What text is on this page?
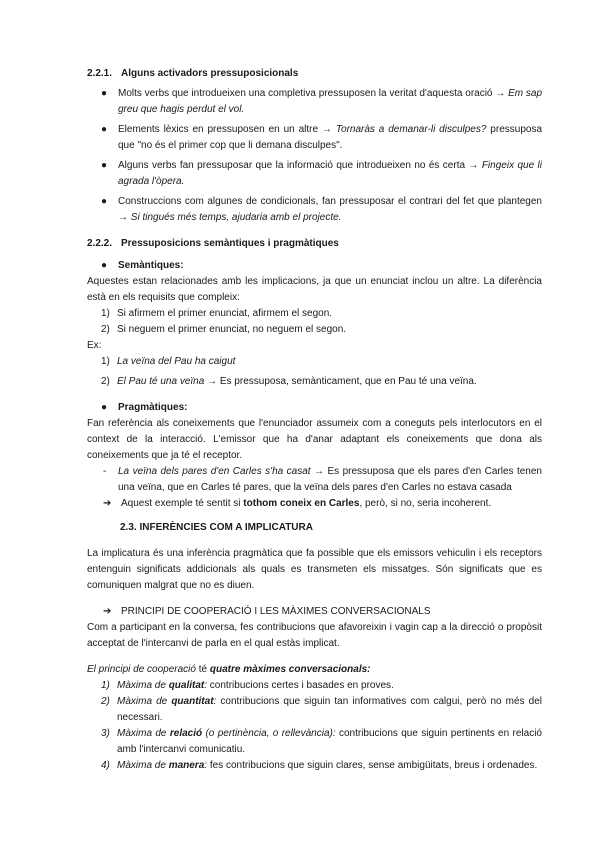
2.2.1. Alguns activadors pressuposicionals
● Molts verbs que introdueixen una completiva pressuposen la veritat d'aquesta oració → Em sap greu que hagis perdut el vol.
● Elements lèxics en pressuposen en un altre → Tornaràs a demanar-li disculpes? pressuposa que "no és el primer cop que li demana disculpes".
● Alguns verbs fan pressuposar que la informació que introdueixen no és certa → Fingeix que li agrada l'òpera.
● Construccions com algunes de condicionals, fan pressuposar el contrari del fet que plantegen → Si tingués més temps, ajudaria amb el projecte.
2.2.2. Pressuposicions semàntiques i pragmàtiques
● Semàntiques:

Aquestes estan relacionades amb les implicacions, ja que un enunciat inclou un altre. La diferència està en els requisits que compleix:

1) Si afirmem el primer enunciat, afirmem el segon.
2) Si neguem el primer enunciat, no neguem el segon.
Ex:
1) La veïna del Pau ha caigut
2) El Pau té una veïna → Es pressuposa, semànticament, que en Pau té una veïna.
● Pragmàtiques:

Fan referència als coneixements que l'enunciador assumeix com a coneguts pels interlocutors en el context de la interacció. L'emissor que ha d'anar adaptant els coneixements que dona als coneixements que ja té el receptor.

- La veïna dels pares d'en Carles s'ha casat → Es pressuposa que els pares d'en Carles tenen una veïna, que en Carles té pares, que la veïna dels pares d'en Carles no estava casada
➔ Aquest exemple té sentit si tothom coneix en Carles, però, si no, seria incoherent.
2.3. INFERÈNCIES COM A IMPLICATURA

La implicatura és una inferència pragmàtica que fa possible que els emissors vehiculin i els receptors entenguin significats addicionals als quals es transmeten els missatges. Són significats que es comuniquen malgrat que no es diuen.

➔ PRINCIPI DE COOPERACIÓ I LES MÀXIMES CONVERSACIONALS

Com a participant en la conversa, fes contribucions que afavoreixin i vagin cap a la direcció o propòsit acceptat de l'intercanvi de parla en el qual estàs implicat.

El principi de cooperació té quatre màximes conversacionals:
1) Màxima de qualitat: contribucions certes i basades en proves.
2) Màxima de quantitat: contribucions que siguin tan informatives com calgui, però no més del necessari.
3) Màxima de relació (o pertinència, o rellevància): contribucions que siguin pertinents en relació amb l'intercanvi comunicatiu.
4) Màxima de manera: fes contribucions que siguin clares, sense ambigüitats, breus i ordenades.
